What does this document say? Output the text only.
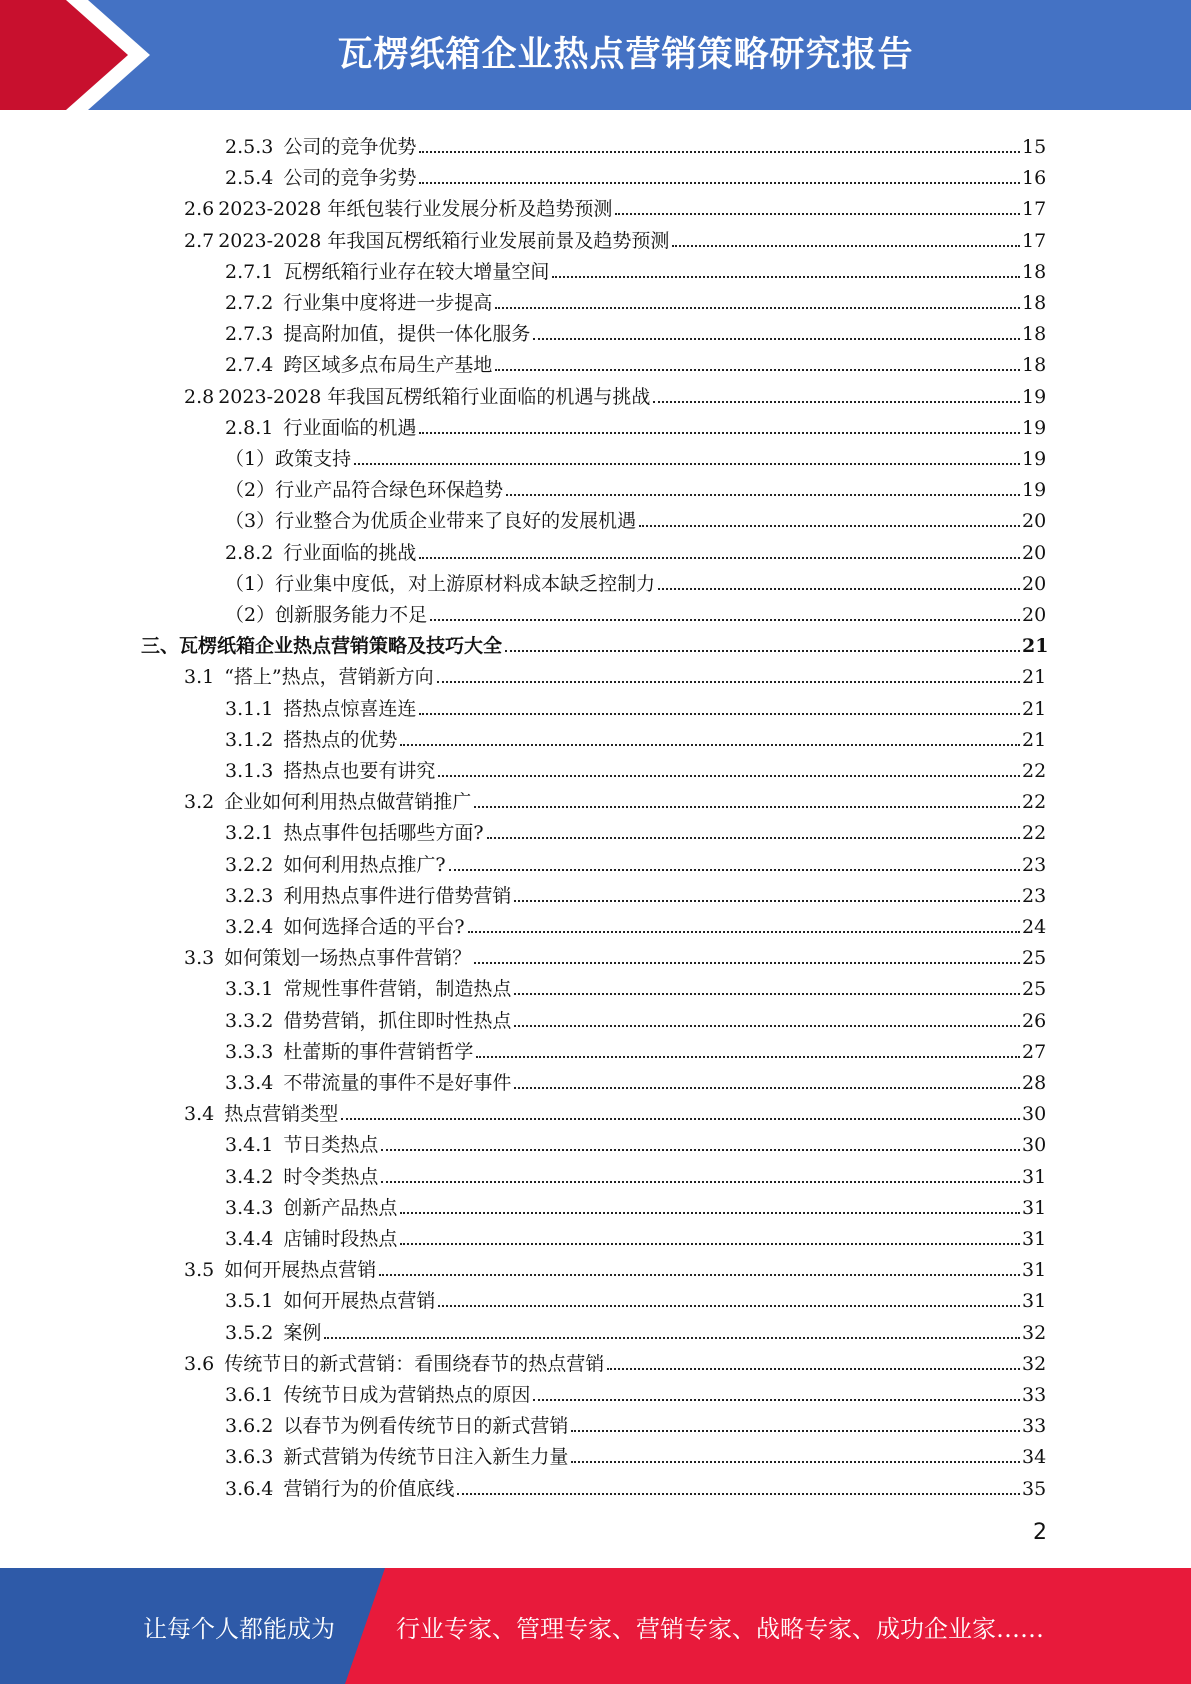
瓦楞纸箱企业热点营销策略研究报告
2.5.3 公司的竞争优势	15
2.5.4 公司的竞争劣势	16
2.6 2023-2028 年纸包装行业发展分析及趋势预测	17
2.7 2023-2028 年我国瓦楞纸箱行业发展前景及趋势预测	17
2.7.1 瓦楞纸箱行业存在较大增量空间	18
2.7.2 行业集中度将进一步提高	18
2.7.3 提高附加值，提供一体化服务	18
2.7.4 跨区域多点布局生产基地	18
2.8 2023-2028 年我国瓦楞纸箱行业面临的机遇与挑战	19
2.8.1 行业面临的机遇	19
（1） 政策支持	19
（2） 行业产品符合绿色环保趋势	19
（3） 行业整合为优质企业带来了良好的发展机遇	20
2.8.2 行业面临的挑战	20
（1） 行业集中度低，对上游原材料成本缺乏控制力	20
（2） 创新服务能力不足	20
三、 瓦楞纸箱企业热点营销策略及技巧大全	21
3.1 “搭上”热点，营销新方向	21
3.1.1 搭热点惊喜连连	21
3.1.2 搭热点的优势	21
3.1.3 搭热点也要有讲究	22
3.2 企业如何利用热点做营销推广	22
3.2.1 热点事件包括哪些方面?	22
3.2.2 如何利用热点推广?	23
3.2.3 利用热点事件进行借势营销	23
3.2.4 如何选择合适的平台?	24
3.3 如何策划一场热点事件营销？	25
3.3.1 常规性事件营销，制造热点	25
3.3.2 借势营销，抓住即时性热点	26
3.3.3 杜蕾斯的事件营销哲学	27
3.3.4 不带流量的事件不是好事件	28
3.4 热点营销类型	30
3.4.1 节日类热点	30
3.4.2 时令类热点	31
3.4.3 创新产品热点	31
3.4.4 店铺时段热点	31
3.5 如何开展热点营销	31
3.5.1 如何开展热点营销	31
3.5.2 案例	32
3.6 传统节日的新式营销：看围绕春节的热点营销	32
3.6.1 传统节日成为营销热点的原因	33
3.6.2 以春节为例看传统节日的新式营销	33
3.6.3 新式营销为传统节日注入新生力量	34
3.6.4 营销行为的价值底线	35
2
让每个人都能成为	行业专家、管理专家、营销专家、战略专家、成功企业家……
